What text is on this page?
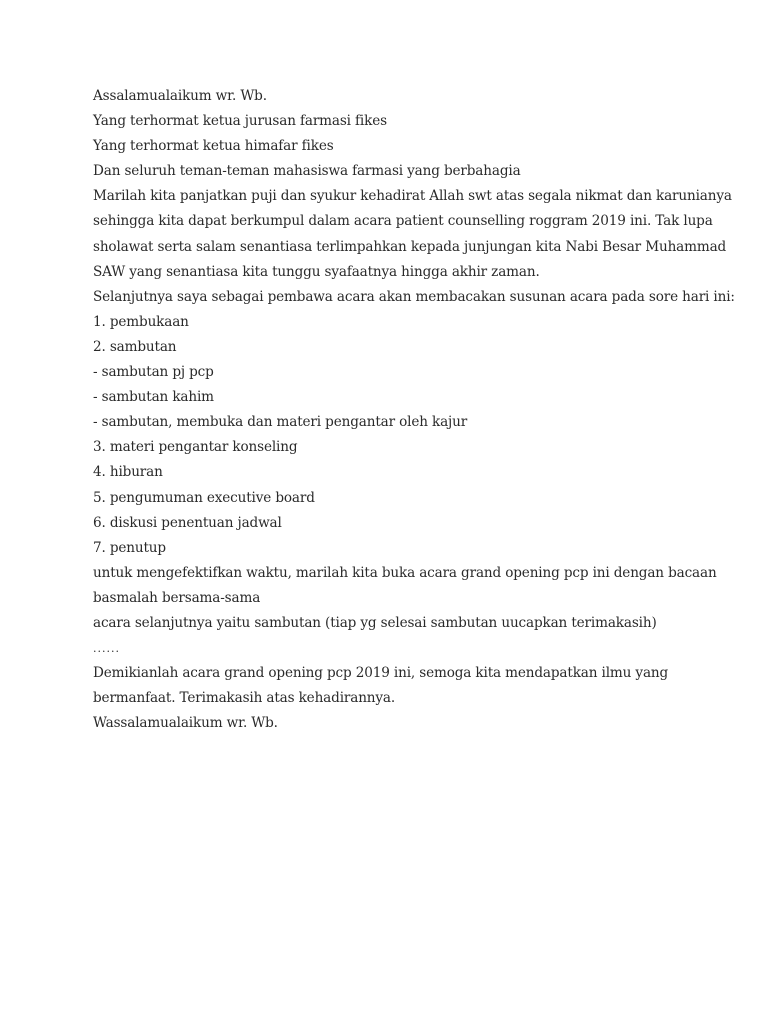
Assalamualaikum wr. Wb.
Yang terhormat ketua jurusan farmasi fikes
Yang terhormat ketua himafar fikes
Dan seluruh teman-teman mahasiswa farmasi yang berbahagia
Marilah kita panjatkan puji dan syukur kehadirat Allah swt atas segala nikmat dan karunianya
sehingga kita dapat berkumpul dalam acara patient counselling roggram 2019 ini. Tak lupa
sholawat serta salam senantiasa terlimpahkan kepada junjungan kita Nabi Besar Muhammad
SAW yang senantiasa kita tunggu syafaatnya hingga akhir zaman.
Selanjutnya saya sebagai pembawa acara akan membacakan susunan acara pada sore hari ini:
1. pembukaan
2. sambutan
- sambutan pj pcp
- sambutan kahim
- sambutan, membuka dan materi pengantar oleh kajur
3. materi pengantar konseling
4. hiburan
5. pengumuman executive board
6. diskusi penentuan jadwal
7. penutup
untuk mengefektifkan waktu, marilah kita buka acara grand opening pcp ini dengan bacaan
basmalah bersama-sama
acara selanjutnya yaitu sambutan (tiap yg selesai sambutan uucapkan terimakasih)
......
Demikianlah acara grand opening pcp 2019 ini, semoga kita mendapatkan ilmu yang
bermanfaat. Terimakasih atas kehadirannya.
Wassalamualaikum wr. Wb.
